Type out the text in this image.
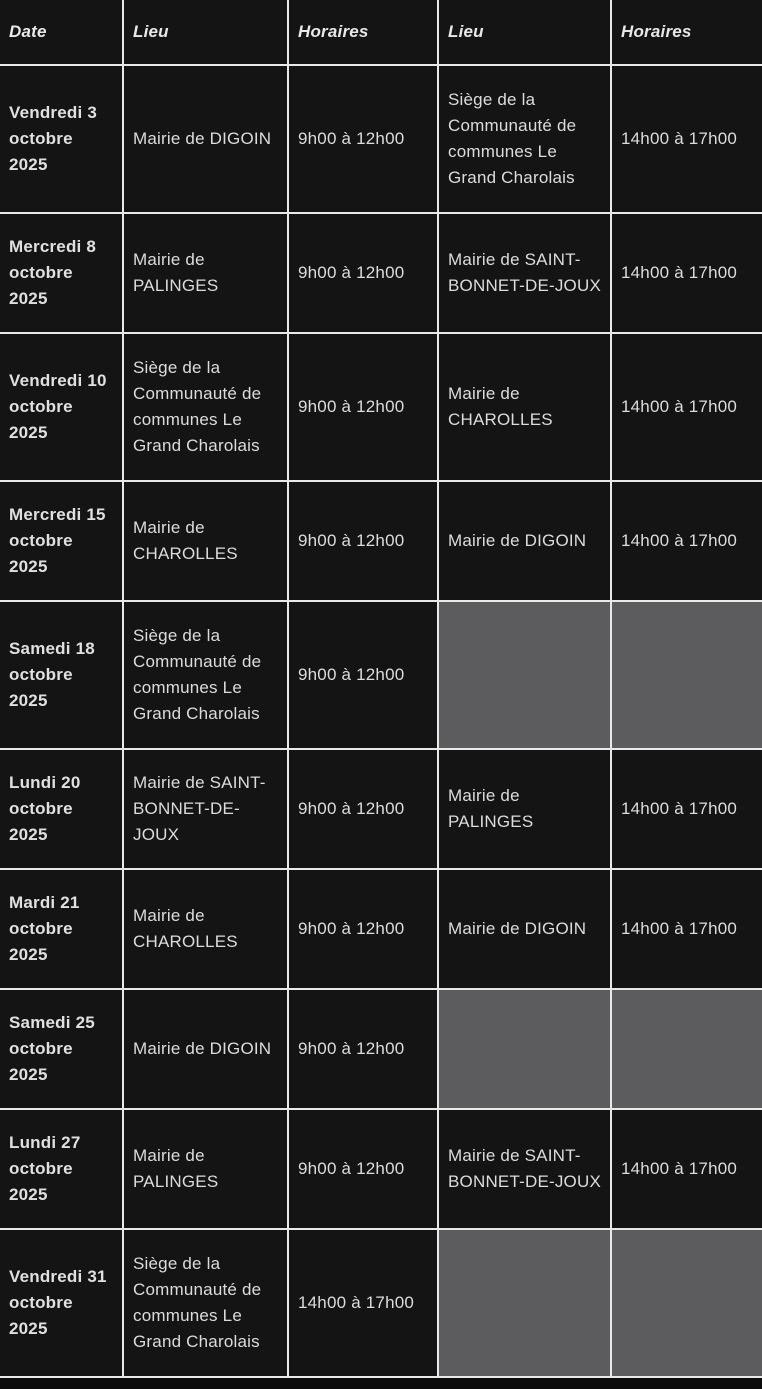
Date	Lieu	Horaires	Lieu	Horaires
Vendredi 3 octobre 2025	Mairie de DIGOIN	9h00 à 12h00	Siège de la Communauté de communes Le Grand Charolais	14h00 à 17h00
Mercredi 8 octobre 2025	Mairie de PALINGES	9h00 à 12h00	Mairie de SAINT-BONNET-DE-JOUX	14h00 à 17h00
Vendredi 10 octobre 2025	Siège de la Communauté de communes Le Grand Charolais	9h00 à 12h00	Mairie de CHAROLLES	14h00 à 17h00
Mercredi 15 octobre 2025	Mairie de CHAROLLES	9h00 à 12h00	Mairie de DIGOIN	14h00 à 17h00
Samedi 18 octobre 2025	Siège de la Communauté de communes Le Grand Charolais	9h00 à 12h00		
Lundi 20 octobre 2025	Mairie de SAINT-BONNET-DE-JOUX	9h00 à 12h00	Mairie de PALINGES	14h00 à 17h00
Mardi 21 octobre 2025	Mairie de CHAROLLES	9h00 à 12h00	Mairie de DIGOIN	14h00 à 17h00
Samedi 25 octobre 2025	Mairie de DIGOIN	9h00 à 12h00		
Lundi 27 octobre 2025	Mairie de PALINGES	9h00 à 12h00	Mairie de SAINT-BONNET-DE-JOUX	14h00 à 17h00
Vendredi 31 octobre 2025	Siège de la Communauté de communes Le Grand Charolais	14h00 à 17h00		
